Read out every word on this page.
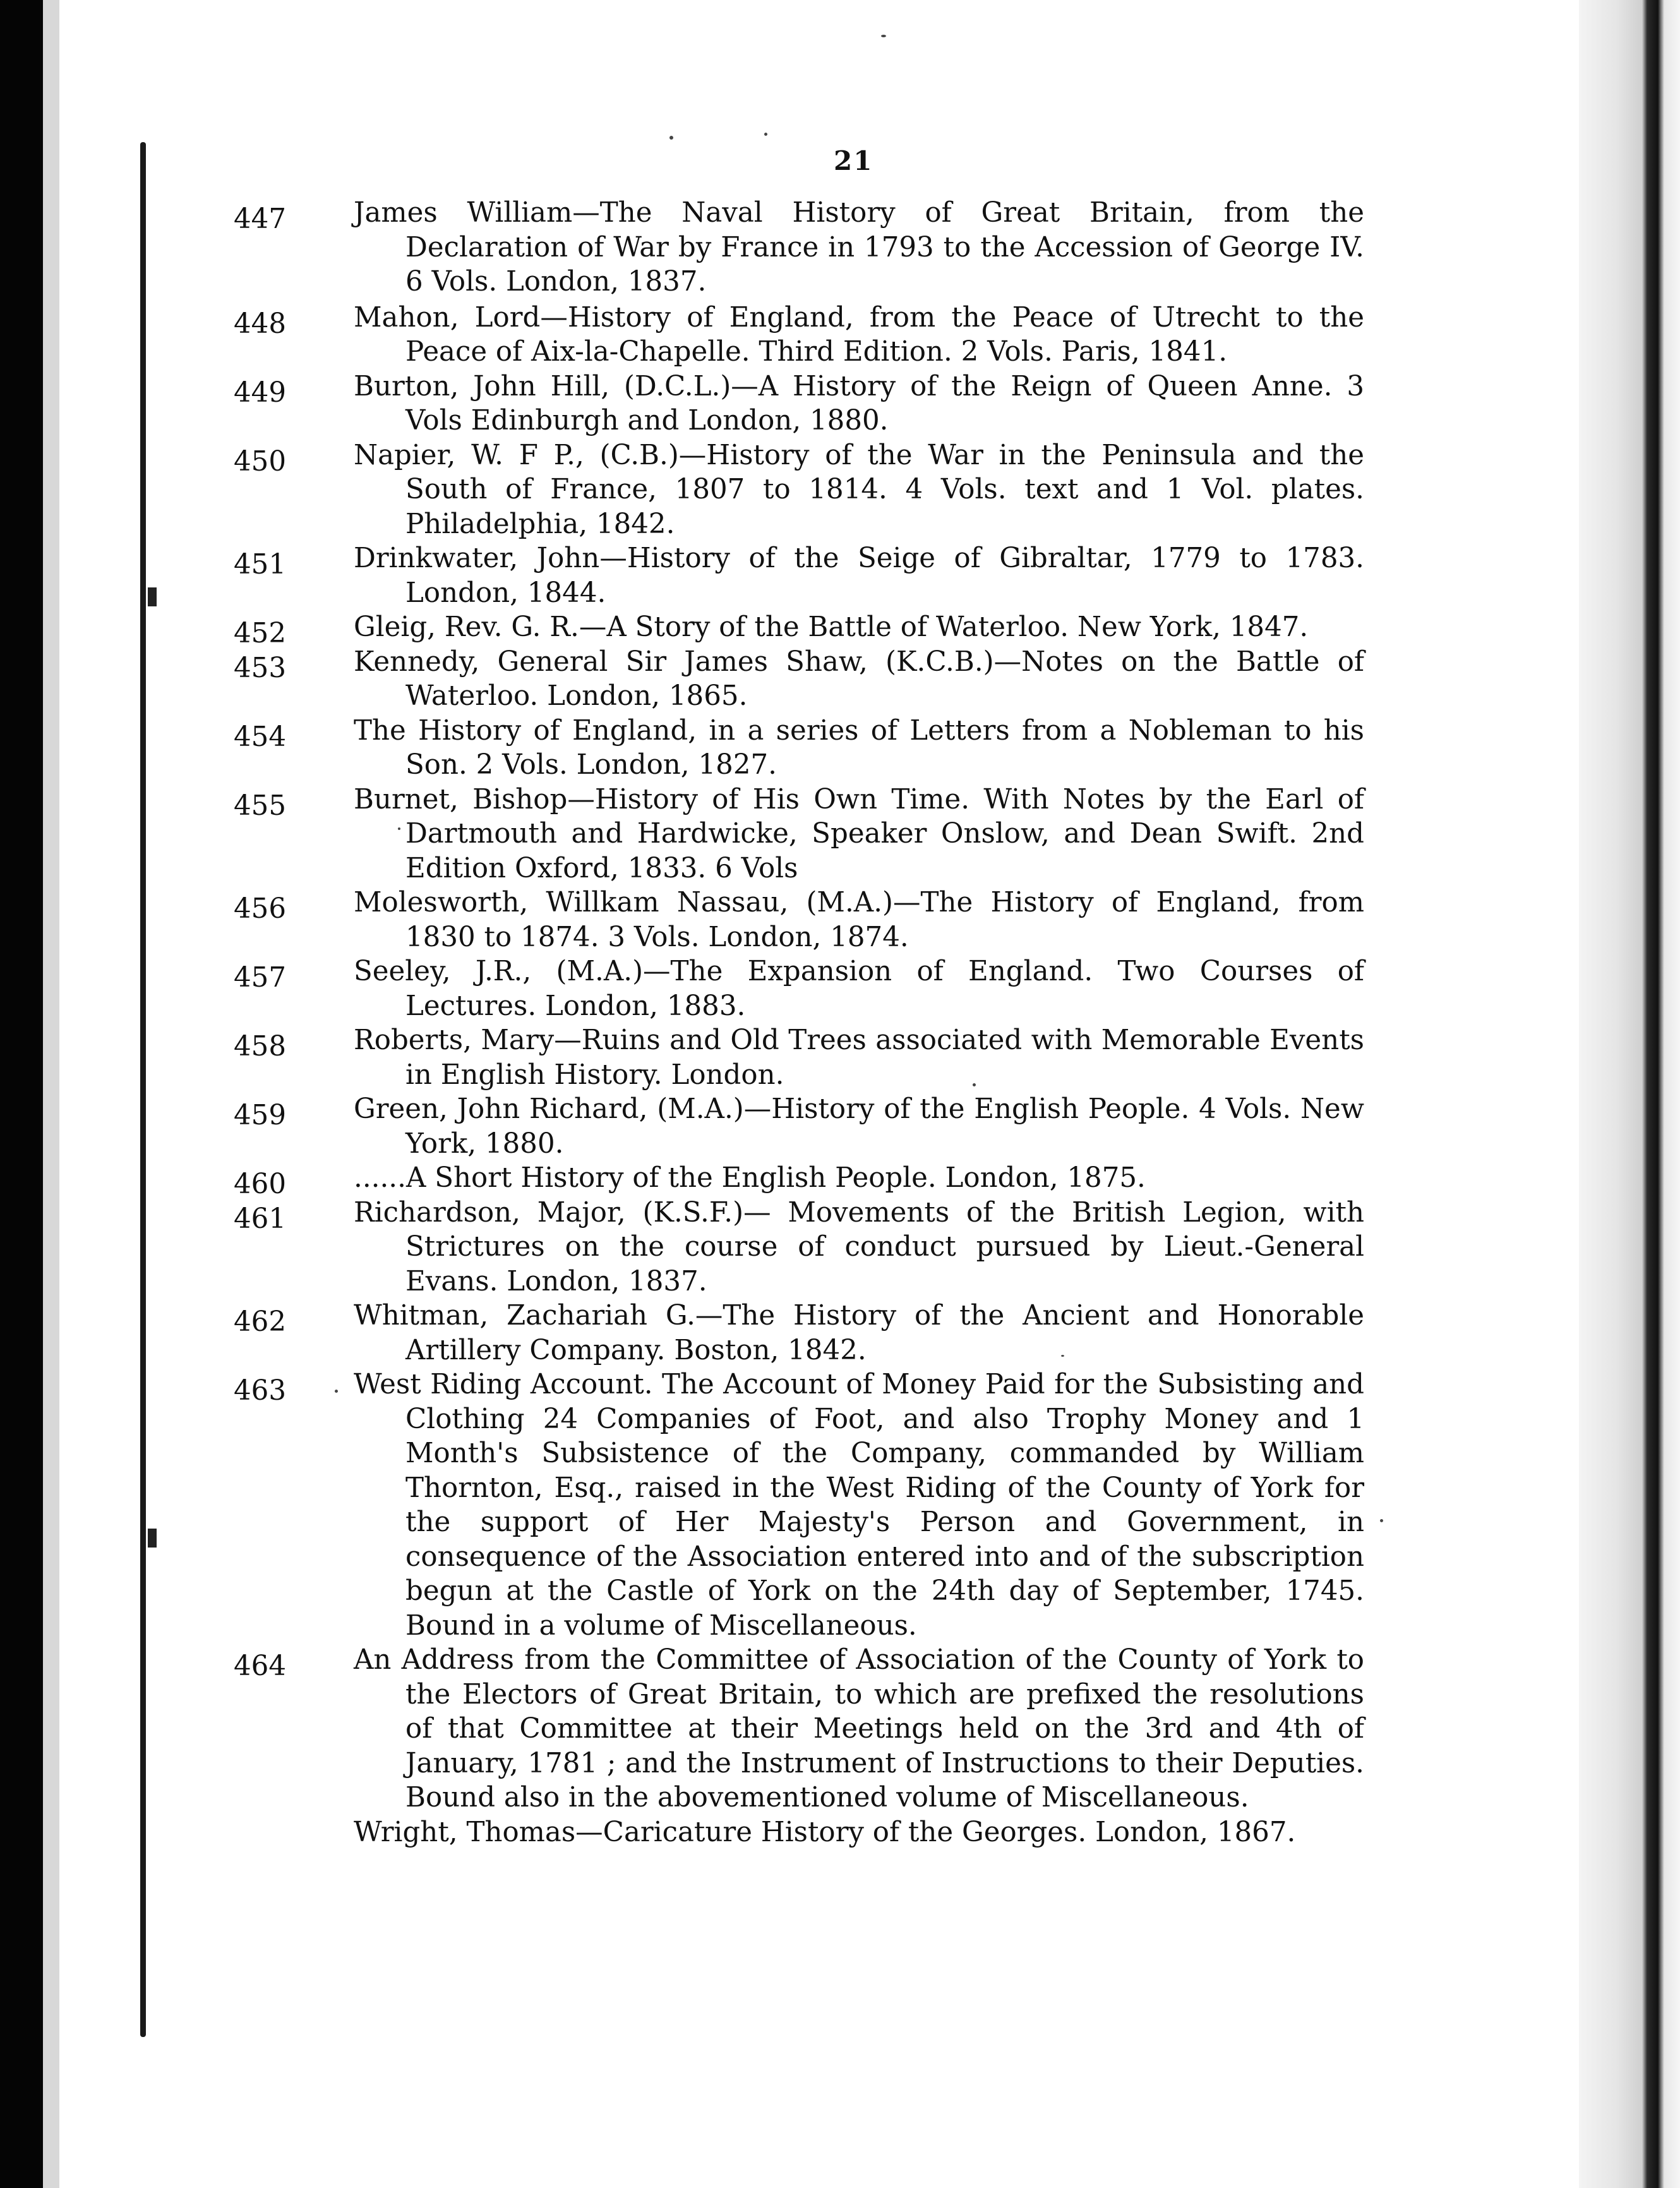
21
447	James William—The Naval History of Great Britain, from the Declaration of War by France in 1793 to the Accession of George IV. 6 Vols. London, 1837.
448	Mahon, Lord—History of England, from the Peace of Utrecht to the Peace of Aix-la-Chapelle. Third Edition. 2 Vols. Paris, 1841.
449	Burton, John Hill, (D.C.L.)—A History of the Reign of Queen Anne. 3 Vols Edinburgh and London, 1880.
450	Napier, W. F P., (C.B.)—History of the War in the Peninsula and the South of France, 1807 to 1814. 4 Vols. text and 1 Vol. plates. Philadelphia, 1842.
451	Drinkwater, John—History of the Seige of Gibraltar, 1779 to 1783. London, 1844.
452	Gleig, Rev. G. R.—A Story of the Battle of Waterloo. New York, 1847.
453	Kennedy, General Sir James Shaw, (K.C.B.)—Notes on the Battle of Waterloo. London, 1865.
454	The History of England, in a series of Letters from a Nobleman to his Son. 2 Vols. London, 1827.
455	Burnet, Bishop—History of His Own Time. With Notes by the Earl of Dartmouth and Hardwicke, Speaker Onslow, and Dean Swift. 2nd Edition Oxford, 1833. 6 Vols
456	Molesworth, Willkam Nassau, (M.A.)—The History of England, from 1830 to 1874. 3 Vols. London, 1874.
457	Seeley, J.R., (M.A.)—The Expansion of England. Two Courses of Lectures. London, 1883.
458	Roberts, Mary—Ruins and Old Trees associated with Memorable Events in English History. London.
459	Green, John Richard, (M.A.)—History of the English People. 4 Vols. New York, 1880.
460	......A Short History of the English People. London, 1875.
461	Richardson, Major, (K.S.F.)— Movements of the British Legion, with Strictures on the course of conduct pursued by Lieut.-General Evans. London, 1837.
462	Whitman, Zachariah G.—The History of the Ancient and Honorable Artillery Company. Boston, 1842.
463	West Riding Account. The Account of Money Paid for the Subsisting and Clothing 24 Companies of Foot, and also Trophy Money and 1 Month's Subsistence of the Company, commanded by William Thornton, Esq., raised in the West Riding of the County of York for the support of Her Majesty's Person and Government, in consequence of the Association entered into and of the subscription begun at the Castle of York on the 24th day of September, 1745. Bound in a volume of Miscellaneous.
464	An Address from the Committee of Association of the County of York to the Electors of Great Britain, to which are prefixed the resolutions of that Committee at their Meetings held on the 3rd and 4th of January, 1781 ; and the Instrument of Instructions to their Deputies. Bound also in the abovementioned volume of Miscellaneous.
Wright, Thomas—Caricature History of the Georges. London, 1867.
